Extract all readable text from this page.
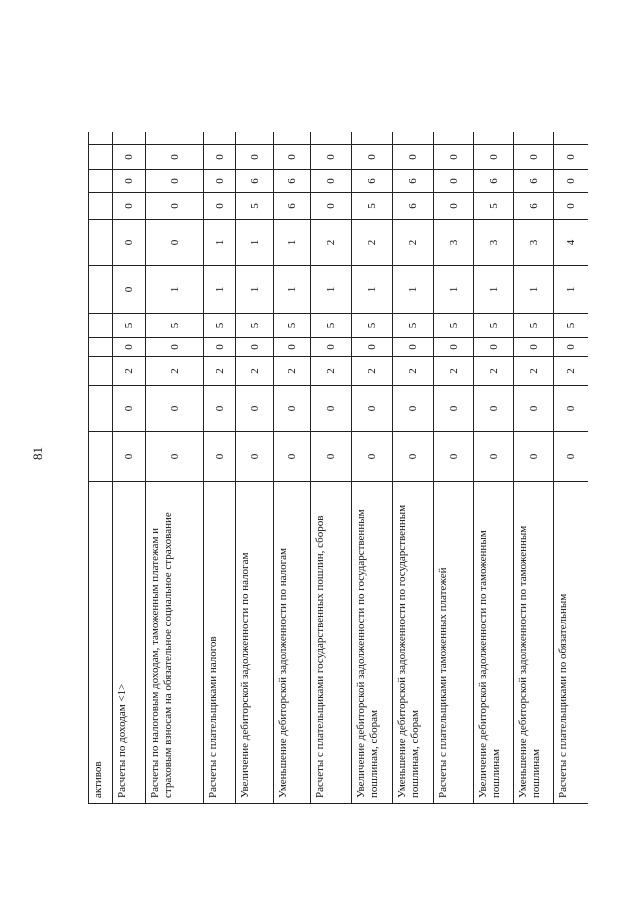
81
активов											
Расчеты по доходам <1>	0	0	2	0	5	0	0	0	0	0	
Расчеты по налоговым доходам, таможенным платежам и страховым взносам на обязательное социальное страхование	0	0	2	0	5	1	0	0	0	0	
Расчеты с плательщиками налогов	0	0	2	0	5	1	1	0	0	0	
Увеличение дебиторской задолженности по налогам	0	0	2	0	5	1	1	5	6	0	
Уменьшение дебиторской задолженности по налогам	0	0	2	0	5	1	1	6	6	0	
Расчеты с плательщиками государственных пошлин, сборов	0	0	2	0	5	1	2	0	0	0	
Увеличение дебиторской задолженности по государственным пошлинам, сборам	0	0	2	0	5	1	2	5	6	0	
Уменьшение дебиторской задолженности по государственным пошлинам, сборам	0	0	2	0	5	1	2	6	6	0	
Расчеты с плательщиками таможенных платежей	0	0	2	0	5	1	3	0	0	0	
Увеличение дебиторской задолженности по таможенным пошлинам	0	0	2	0	5	1	3	5	6	0	
Уменьшение дебиторской задолженности по таможенным пошлинам	0	0	2	0	5	1	3	6	6	0	
Расчеты с плательщиками по обязательным	0	0	2	0	5	1	4	0	0	0	
